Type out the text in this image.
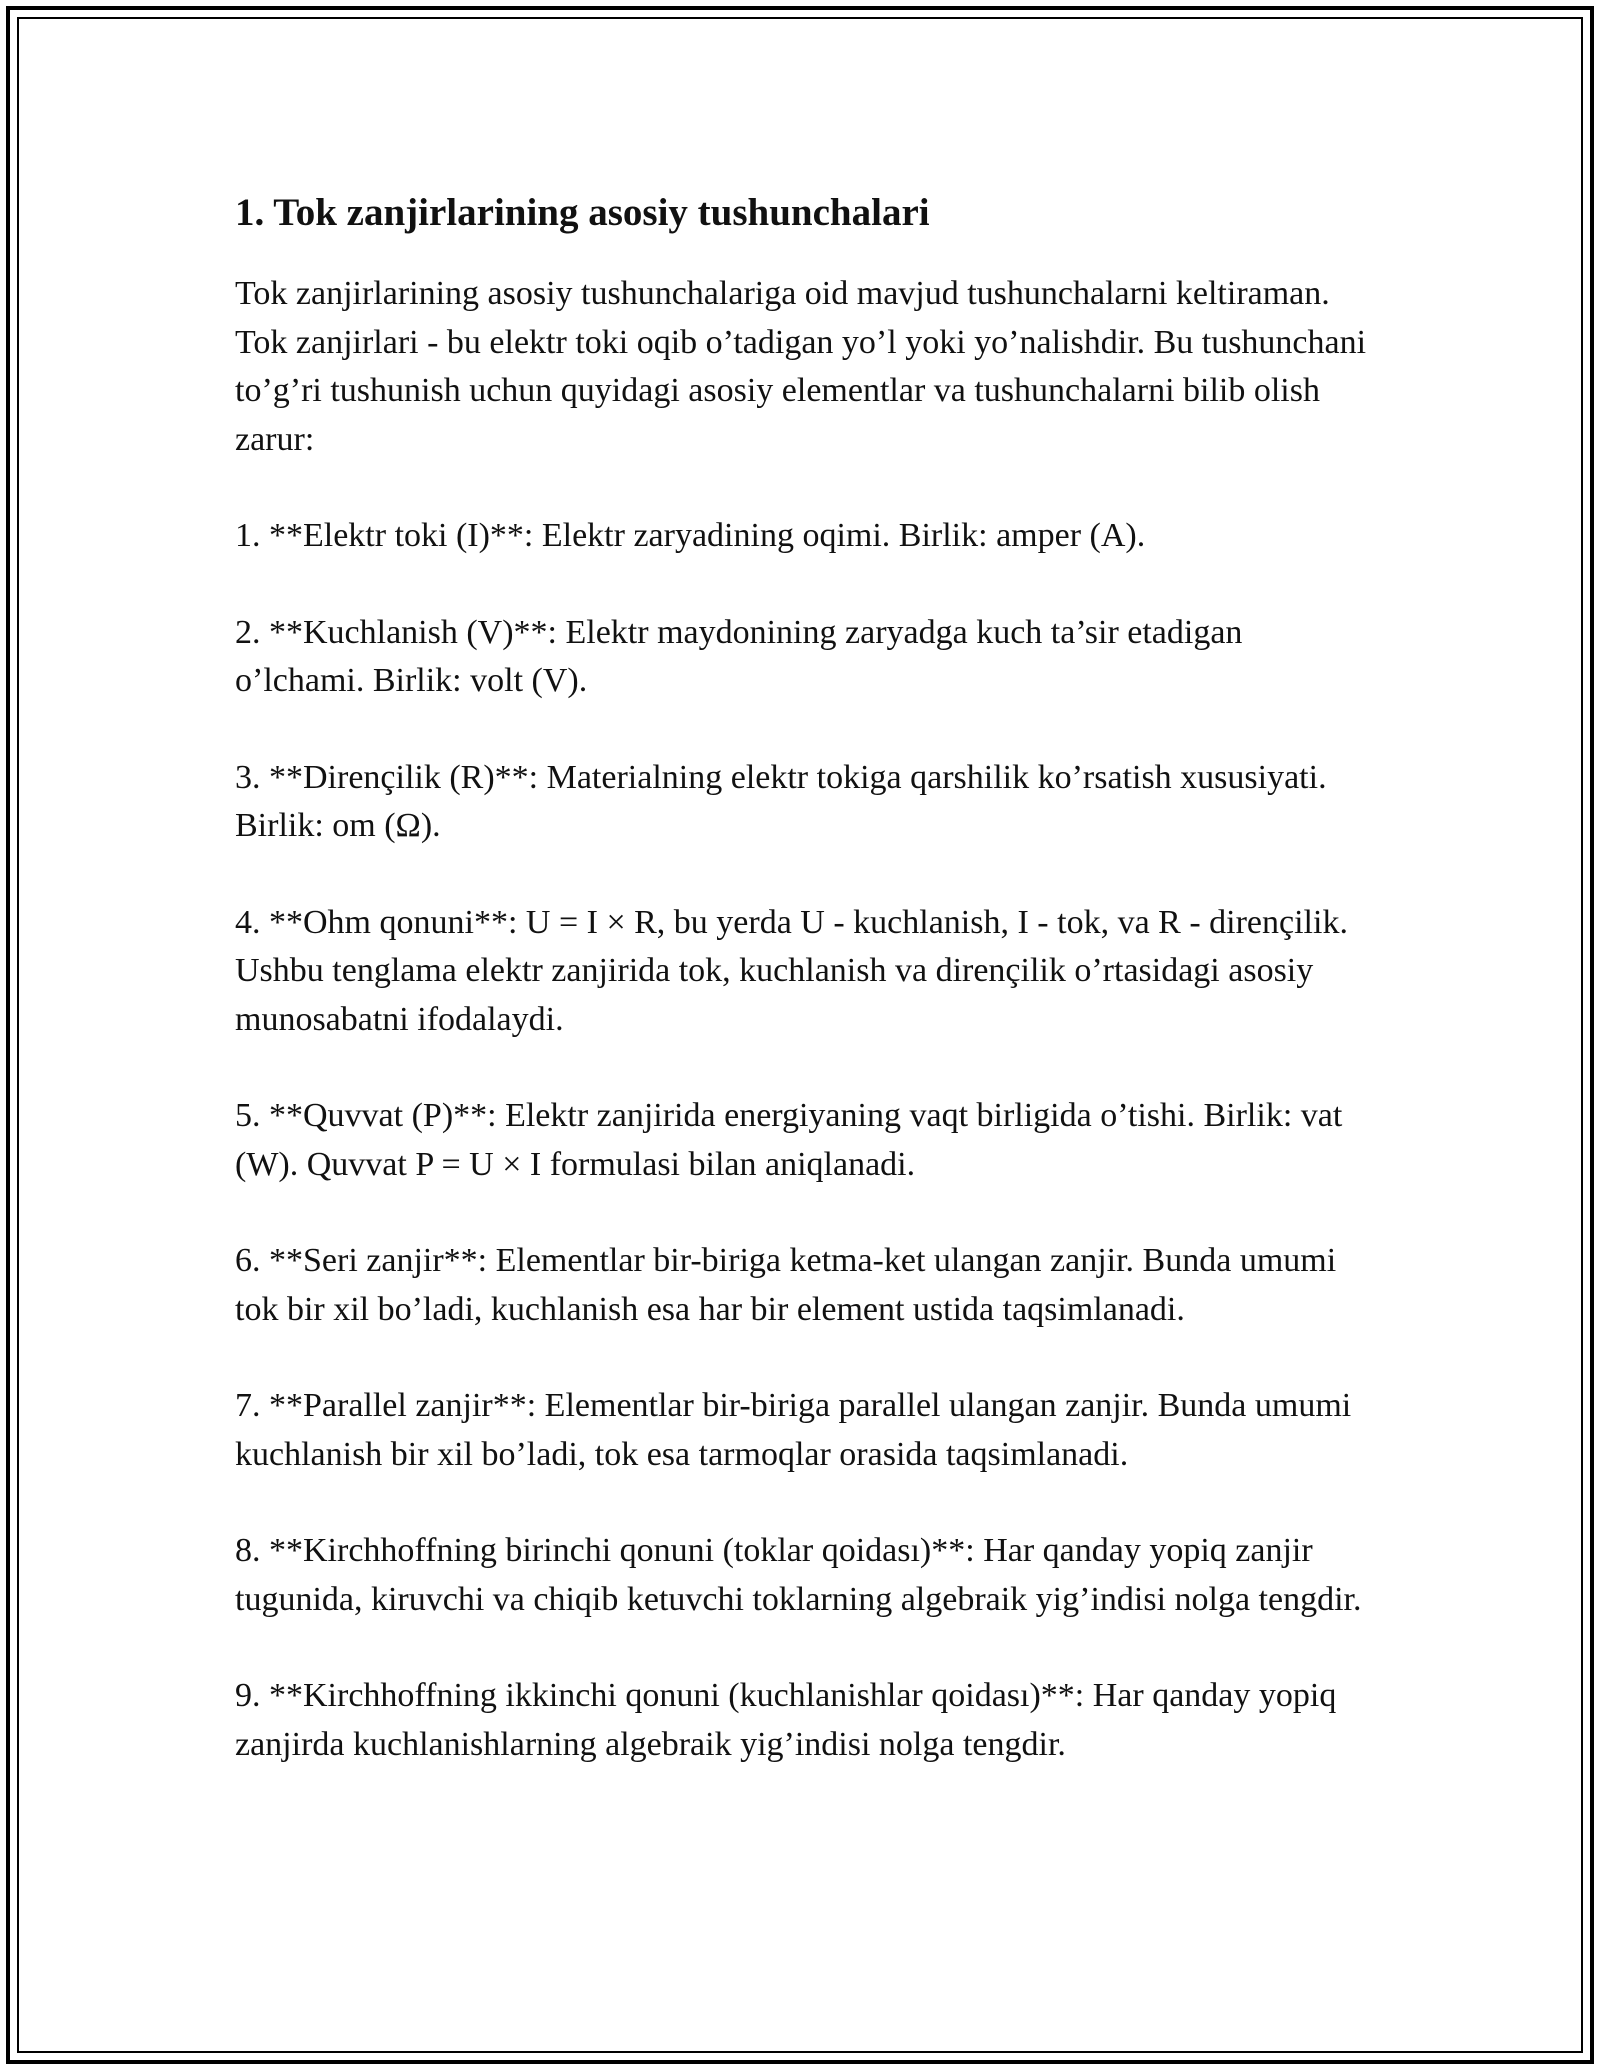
1. Tok zanjirlarining asosiy tushunchalari

Tok zanjirlarining asosiy tushunchalariga oid mavjud tushunchalarni keltiraman. Tok zanjirlari - bu elektr toki oqib o’tadigan yo’l yoki yo’nalishdir. Bu tushunchani to’g’ri tushunish uchun quyidagi asosiy elementlar va tushunchalarni bilib olish zarur:

1. **Elektr toki (I)**: Elektr zaryadining oqimi. Birlik: amper (A).

2. **Kuchlanish (V)**: Elektr maydonining zaryadga kuch ta’sir etadigan o’lchami. Birlik: volt (V).

3. **Dirençilik (R)**: Materialning elektr tokiga qarshilik ko’rsatish xususiyati. Birlik: om (Ω).

4. **Ohm qonuni**: U = I × R, bu yerda U - kuchlanish, I - tok, va R - dirençilik. Ushbu tenglama elektr zanjirida tok, kuchlanish va dirençilik o’rtasidagi asosiy munosabatni ifodalaydi.

5. **Quvvat (P)**: Elektr zanjirida energiyaning vaqt birligida o’tishi. Birlik: vat (W). Quvvat P = U × I formulasi bilan aniqlanadi.

6. **Seri zanjir**: Elementlar bir-biriga ketma-ket ulangan zanjir. Bunda umumi tok bir xil bo’ladi, kuchlanish esa har bir element ustida taqsimlanadi.

7. **Parallel zanjir**: Elementlar bir-biriga parallel ulangan zanjir. Bunda umumi kuchlanish bir xil bo’ladi, tok esa tarmoqlar orasida taqsimlanadi.

8. **Kirchhoffning birinchi qonuni (toklar qoidası)**: Har qanday yopiq zanjir tugunida, kiruvchi va chiqib ketuvchi toklarning algebraik yig’indisi nolga tengdir.

9. **Kirchhoffning ikkinchi qonuni (kuchlanishlar qoidası)**: Har qanday yopiq zanjirda kuchlanishlarning algebraik yig’indisi nolga tengdir.
